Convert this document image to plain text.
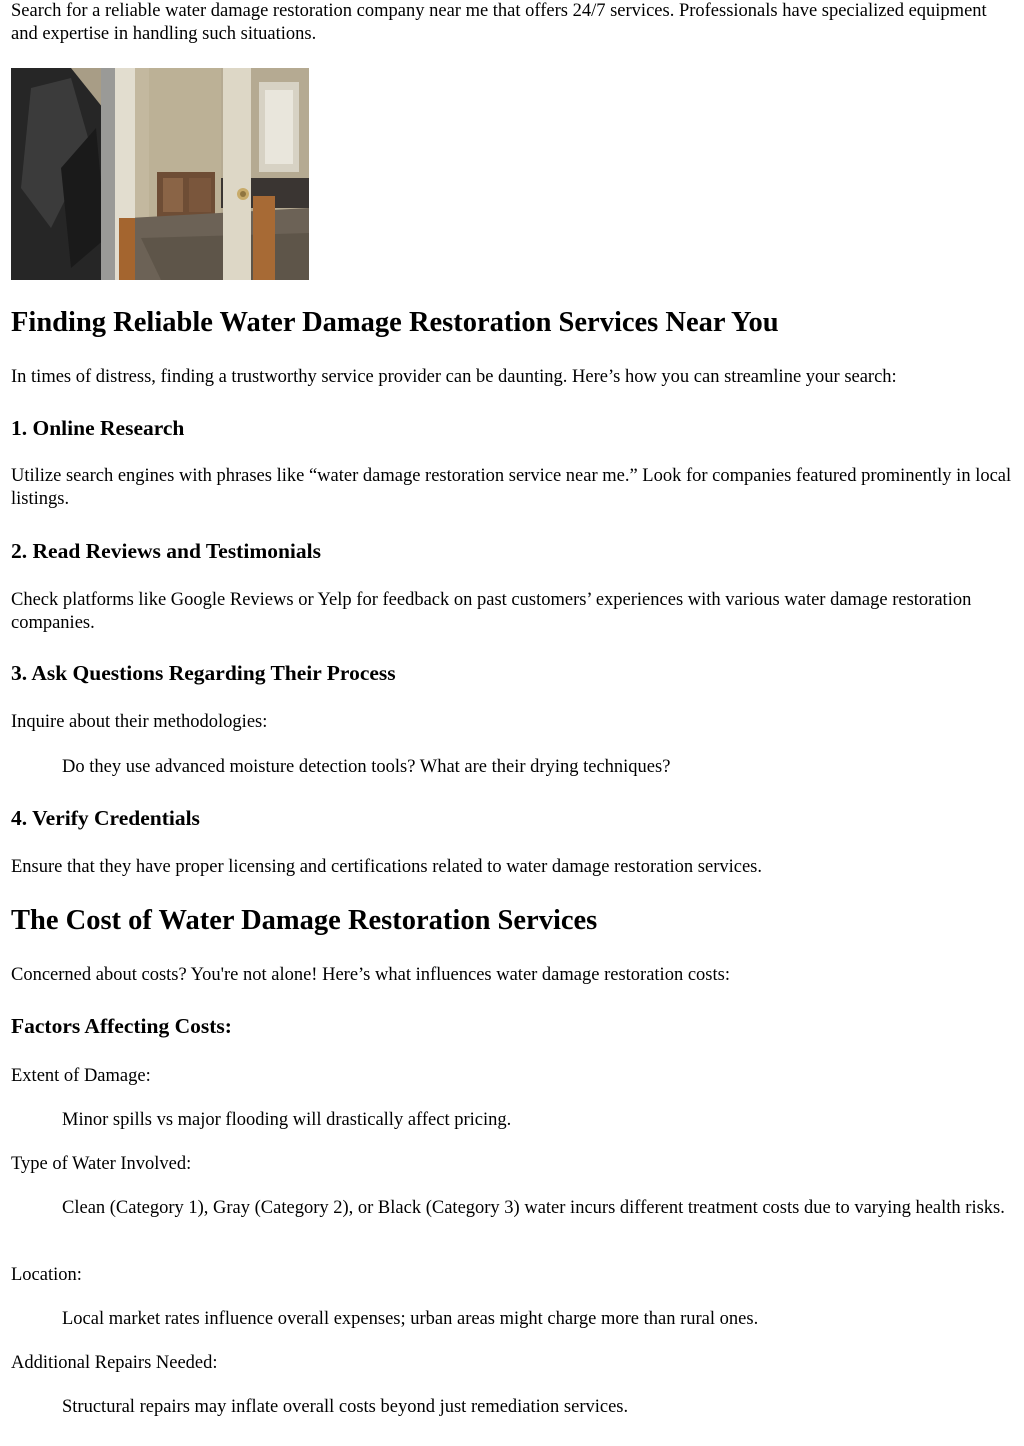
Search for a reliable water damage restoration company near me that offers 24/7 services. Professionals have specialized equipment and expertise in handling such situations.

Finding Reliable Water Damage Restoration Services Near You

In times of distress, finding a trustworthy service provider can be daunting. Here’s how you can streamline your search:

1. Online Research

Utilize search engines with phrases like “water damage restoration service near me.” Look for companies featured prominently in local listings.

2. Read Reviews and Testimonials

Check platforms like Google Reviews or Yelp for feedback on past customers’ experiences with various water damage restoration companies.

3. Ask Questions Regarding Their Process

Inquire about their methodologies:

Do they use advanced moisture detection tools? What are their drying techniques?

4. Verify Credentials

Ensure that they have proper licensing and certifications related to water damage restoration services.

The Cost of Water Damage Restoration Services

Concerned about costs? You're not alone! Here’s what influences water damage restoration costs:

Factors Affecting Costs:

Extent of Damage:

Minor spills vs major flooding will drastically affect pricing.

Type of Water Involved:

Clean (Category 1), Gray (Category 2), or Black (Category 3) water incurs different treatment costs due to varying health risks.

Location:

Local market rates influence overall expenses; urban areas might charge more than rural ones.

Additional Repairs Needed:

Structural repairs may inflate overall costs beyond just remediation services.
